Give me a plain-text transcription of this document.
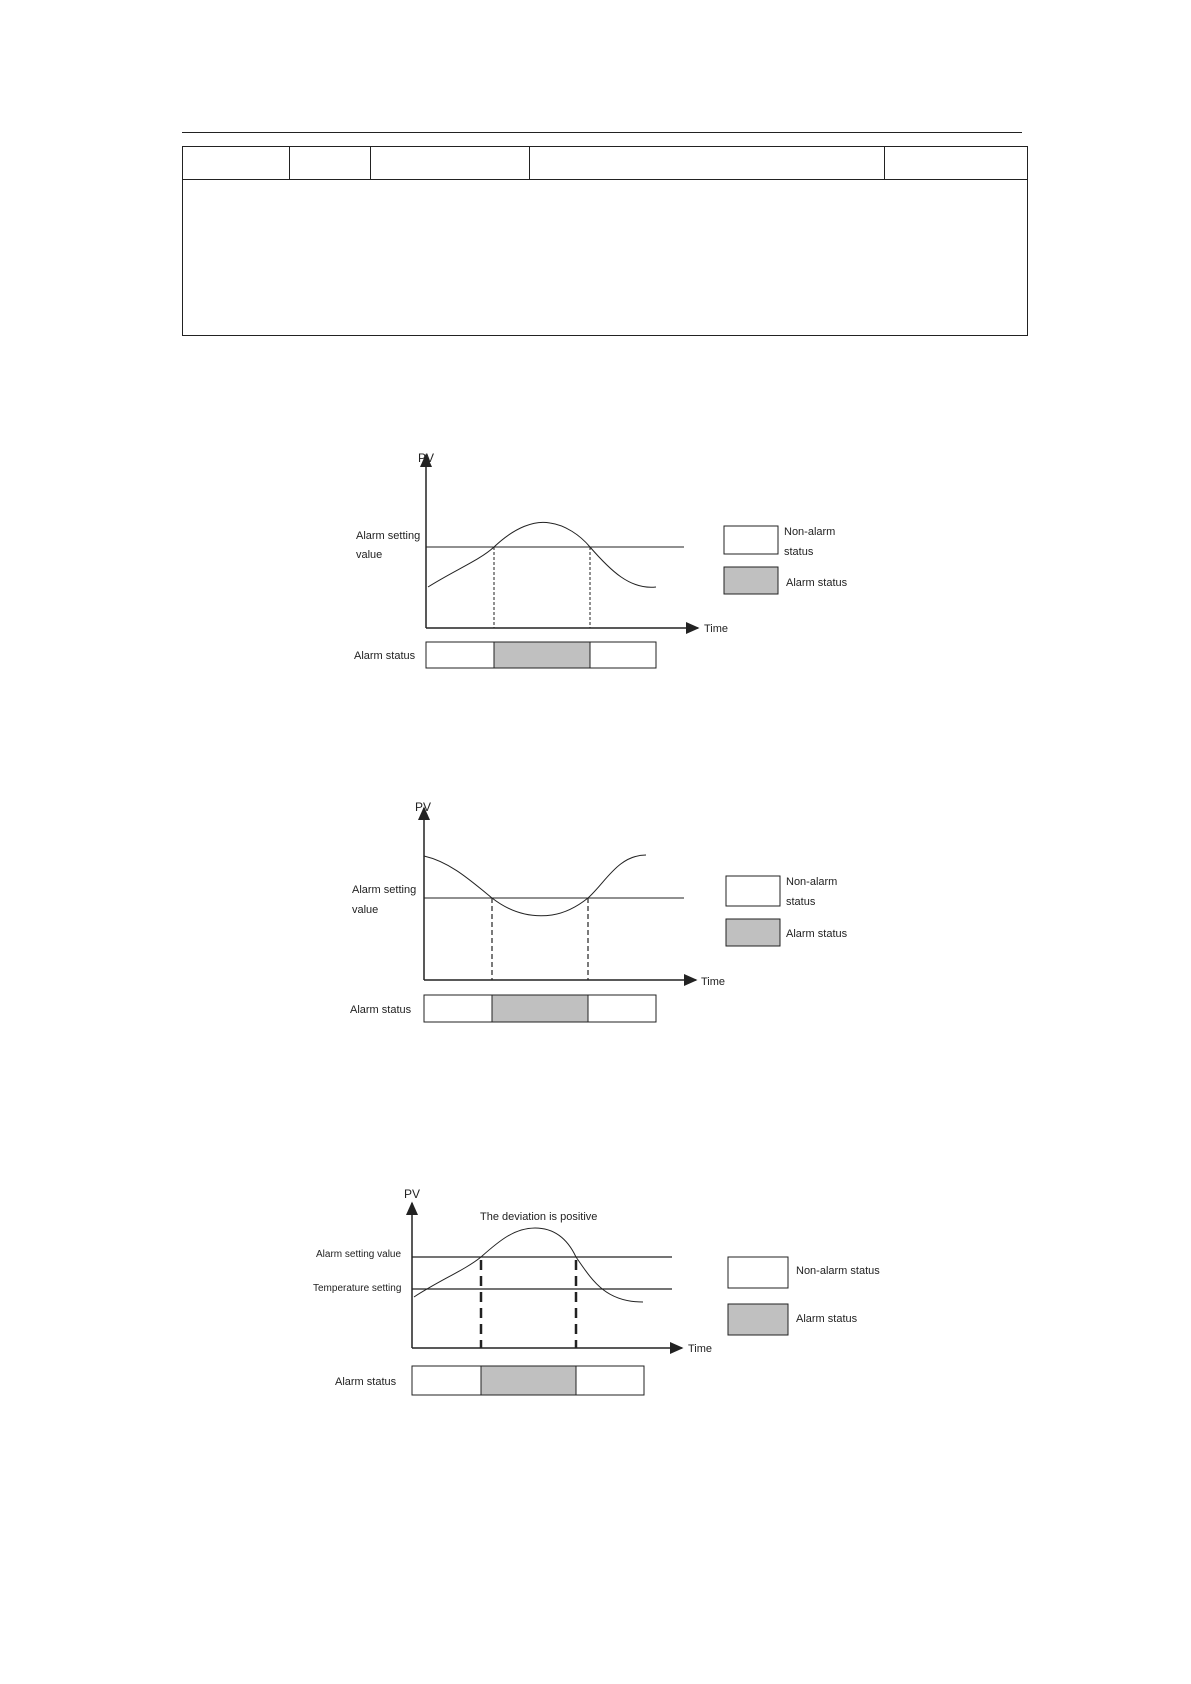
PV
Time
Alarm setting
value
Alarm status
Non-alarm
status
Alarm status
PV
Time
Alarm setting
value
Alarm status
Non-alarm
status
Alarm status
PV
Time
The deviation is positive
Alarm setting value
Temperature setting
Alarm status
Non-alarm status
Alarm status
